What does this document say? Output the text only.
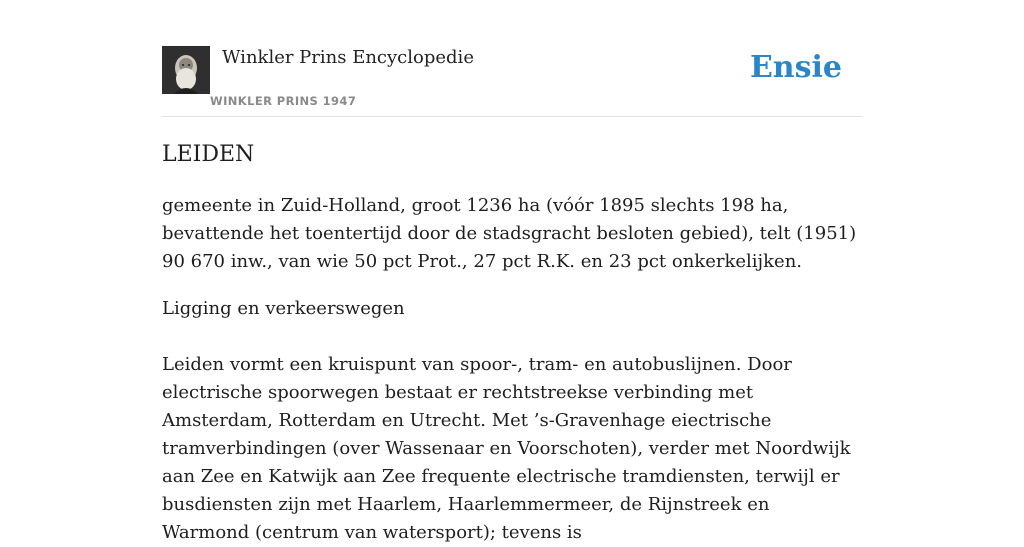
Winkler Prins Encyclopedie
WINKLER PRINS 1947
Ensie
LEIDEN

gemeente in Zuid-Holland, groot 1236 ha (vóór 1895 slechts 198 ha, bevattende het toentertijd door de stadsgracht besloten gebied), telt (1951) 90 670 inw., van wie 50 pct Prot., 27 pct R.K. en 23 pct onkerkelijken.

Ligging en verkeerswegen

Leiden vormt een kruispunt van spoor-, tram- en autobuslijnen. Door electrische spoorwegen bestaat er rechtstreekse verbinding met Amsterdam, Rotterdam en Utrecht. Met ’s-Gravenhage eiectrische tramverbindingen (over Wassenaar en Voorschoten), verder met Noordwijk aan Zee en Katwijk aan Zee frequente electrische tramdiensten, terwijl er busdiensten zijn met Haarlem, Haarlemmermeer, de Rijnstreek en Warmond (centrum van watersport); tevens is
